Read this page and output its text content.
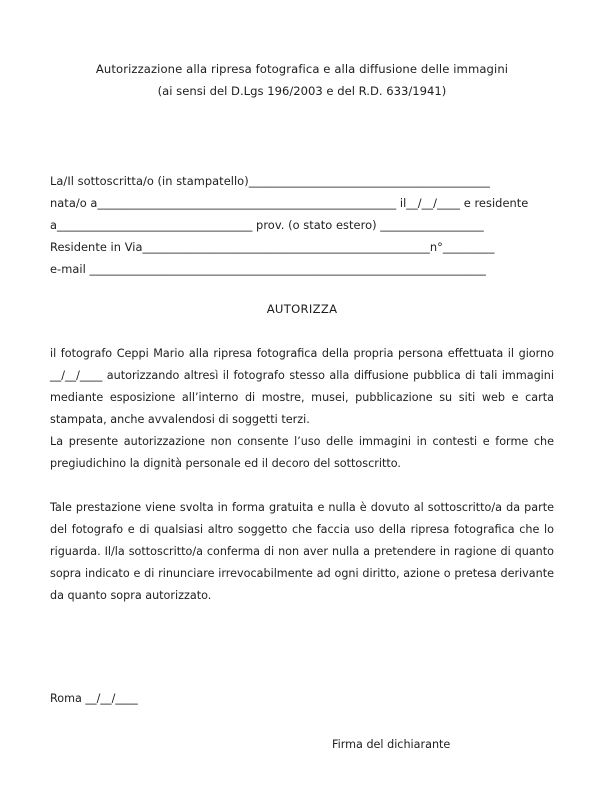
Autorizzazione alla ripresa fotografica e alla diffusione delle immagini
(ai sensi del D.Lgs 196/2003 e del R.D. 633/1941)
La/Il sottoscritta/o (in stampatello)__________________________________________
nata/o a____________________________________________________ il__/__/____ e residente
a__________________________________ prov. (o stato estero) __________________
Residente in Via__________________________________________________n°_________
e-mail _____________________________________________________________________
AUTORIZZA

il fotografo Ceppi Mario alla ripresa fotografica della propria persona effettuata il giorno __/__/____ autorizzando altresì il fotografo stesso alla diffusione pubblica di tali immagini mediante esposizione all’interno di mostre, musei, pubblicazione su siti web e carta stampata, anche avvalendosi di soggetti terzi.

La presente autorizzazione non consente l’uso delle immagini in contesti e forme che pregiudichino la dignità personale ed il decoro del sottoscritto.

Tale prestazione viene svolta in forma gratuita e nulla è dovuto al sottoscritto/a da parte del fotografo e di qualsiasi altro soggetto che faccia uso della ripresa fotografica che lo riguarda. Il/la sottoscritto/a conferma di non aver nulla a pretendere in ragione di quanto sopra indicato e di rinunciare irrevocabilmente ad ogni diritto, azione o pretesa derivante da quanto sopra autorizzato.

Roma __/__/____
Firma del dichiarante
